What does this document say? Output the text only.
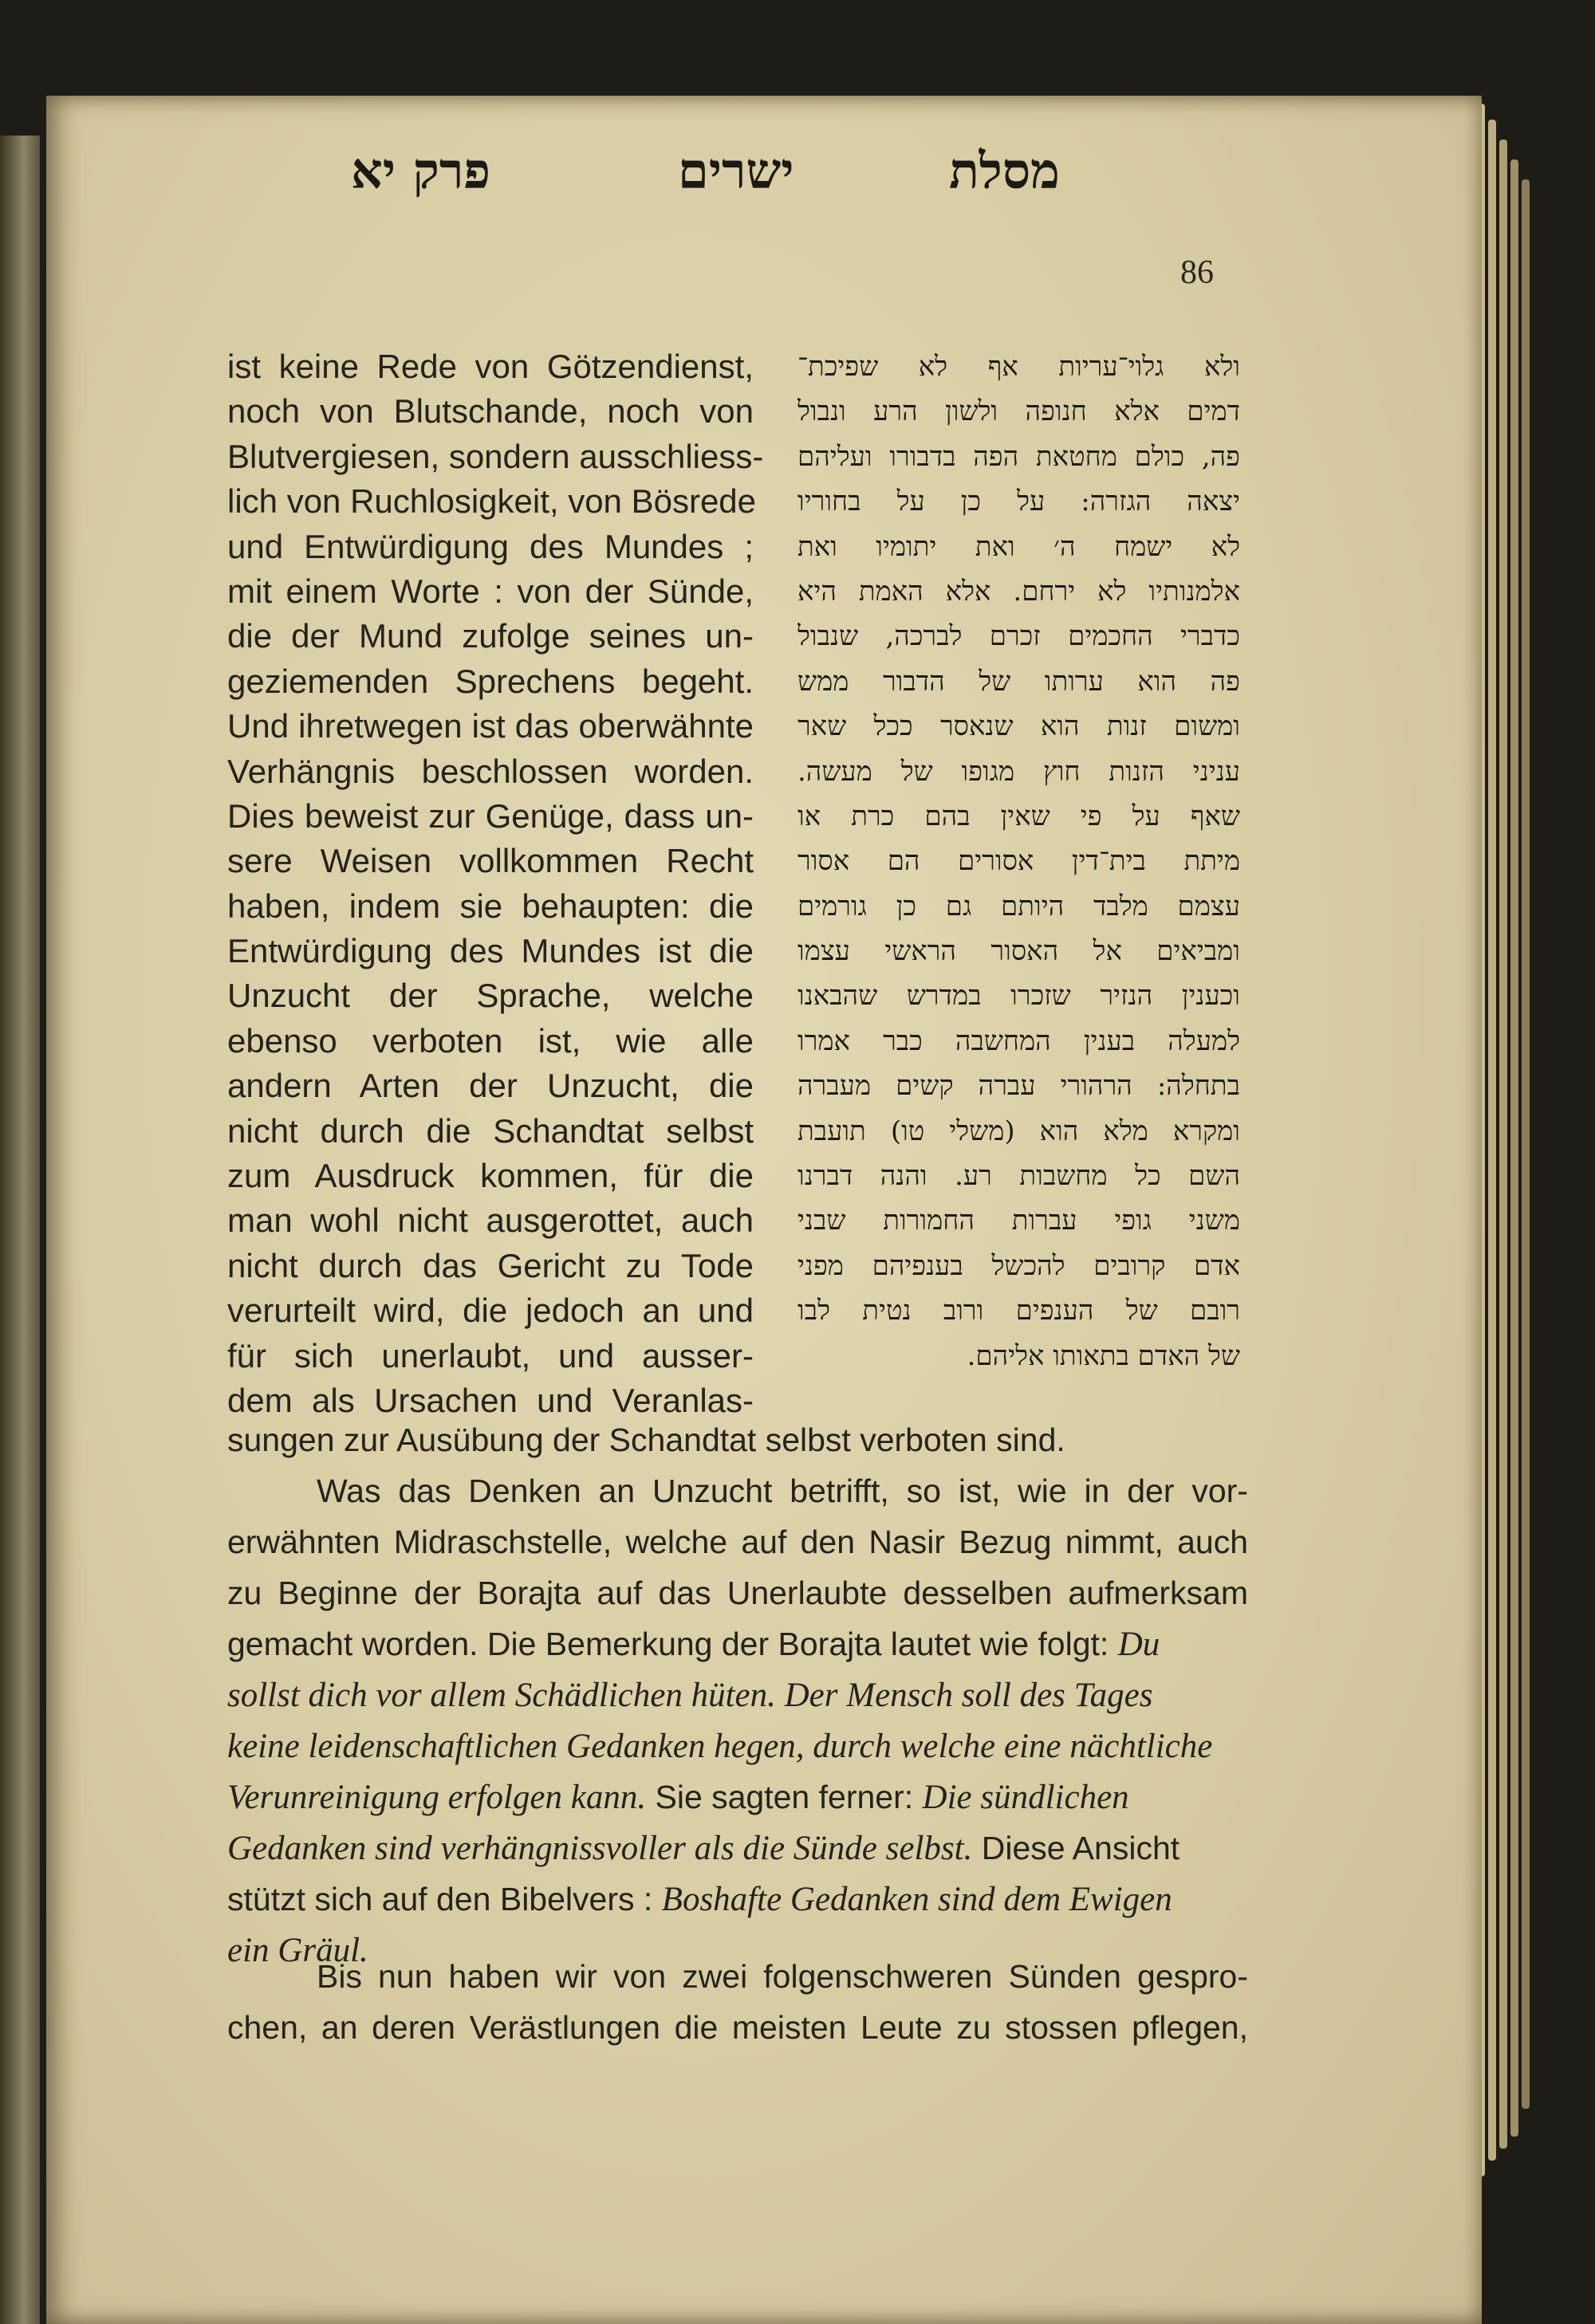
פרק יא	ישרים	מסלת
86
ist keine Rede von Götzendienst,
noch von Blutschande, noch von
Blutvergiesen, sondern ausschliess-
lich von Ruchlosigkeit, von Bösrede
und Entwürdigung des Mundes ;
mit einem Worte : von der Sünde,
die der Mund zufolge seines un-
geziemenden Sprechens begeht.
Und ihretwegen ist das oberwähnte
Verhängnis beschlossen worden.
Dies beweist zur Genüge, dass un-
sere Weisen vollkommen Recht
haben, indem sie behaupten: die
Entwürdigung des Mundes ist die
Unzucht der Sprache, welche
ebenso verboten ist, wie alle
andern Arten der Unzucht, die
nicht durch die Schandtat selbst
zum Ausdruck kommen, für die
man wohl nicht ausgerottet, auch
nicht durch das Gericht zu Tode
verurteilt wird, die jedoch an und
für sich unerlaubt, und ausser-
dem als Ursachen und Veranlas-
ולא גלוי־עריות אף לא שפיכת־
דמים אלא חנופה ולשון הרע ונבול
פה, כולם מחטאת הפה בדבורו ועליהם
יצאה הגזרה: על כן על בחוריו
לא ישמח ה׳ ואת יתומיו ואת
אלמנותיו לא ירחם. אלא האמת היא
כדברי החכמים זכרם לברכה, שנבול
פה הוא ערותו של הדבור ממש
ומשום זנות הוא שנאסר ככל שאר
עניני הזנות חוץ מגופו של מעשה.
שאף על פי שאין בהם כרת או
מיתת בית־דין אסורים הם אסור
עצמם מלבד היותם גם כן גורמים
ומביאים אל האסור הראשי עצמו
וכענין הנזיר שזכרו במדרש שהבאנו
למעלה בענין המחשבה כבר אמרו
בתחלה: הרהורי עברה קשים מעברה
ומקרא מלא הוא (משלי טו) תועבת
השם כל מחשבות רע. והנה דברנו
משני גופי עברות החמורות שבני
אדם קרובים להכשל בענפיהם מפני
רובם של הענפים ורוב נטית לבו
של האדם בתאותו אליהם.
sungen zur Ausübung der Schandtat selbst verboten sind.
Was das Denken an Unzucht betrifft, so ist, wie in der vor-
erwähnten Midraschstelle, welche auf den Nasir Bezug nimmt, auch
zu Beginne der Borajta auf das Unerlaubte desselben aufmerksam
gemacht worden. Die Bemerkung der Borajta lautet wie folgt: Du
sollst dich vor allem Schädlichen hüten. Der Mensch soll des Tages
keine leidenschaftlichen Gedanken hegen, durch welche eine nächtliche
Verunreinigung erfolgen kann. Sie sagten ferner: Die sündlichen
Gedanken sind verhängnissvoller als die Sünde selbst. Diese Ansicht
stützt sich auf den Bibelvers : Boshafte Gedanken sind dem Ewigen
ein Gräul.
Bis nun haben wir von zwei folgenschweren Sünden gespro-
chen, an deren Verästlungen die meisten Leute zu stossen pflegen,
